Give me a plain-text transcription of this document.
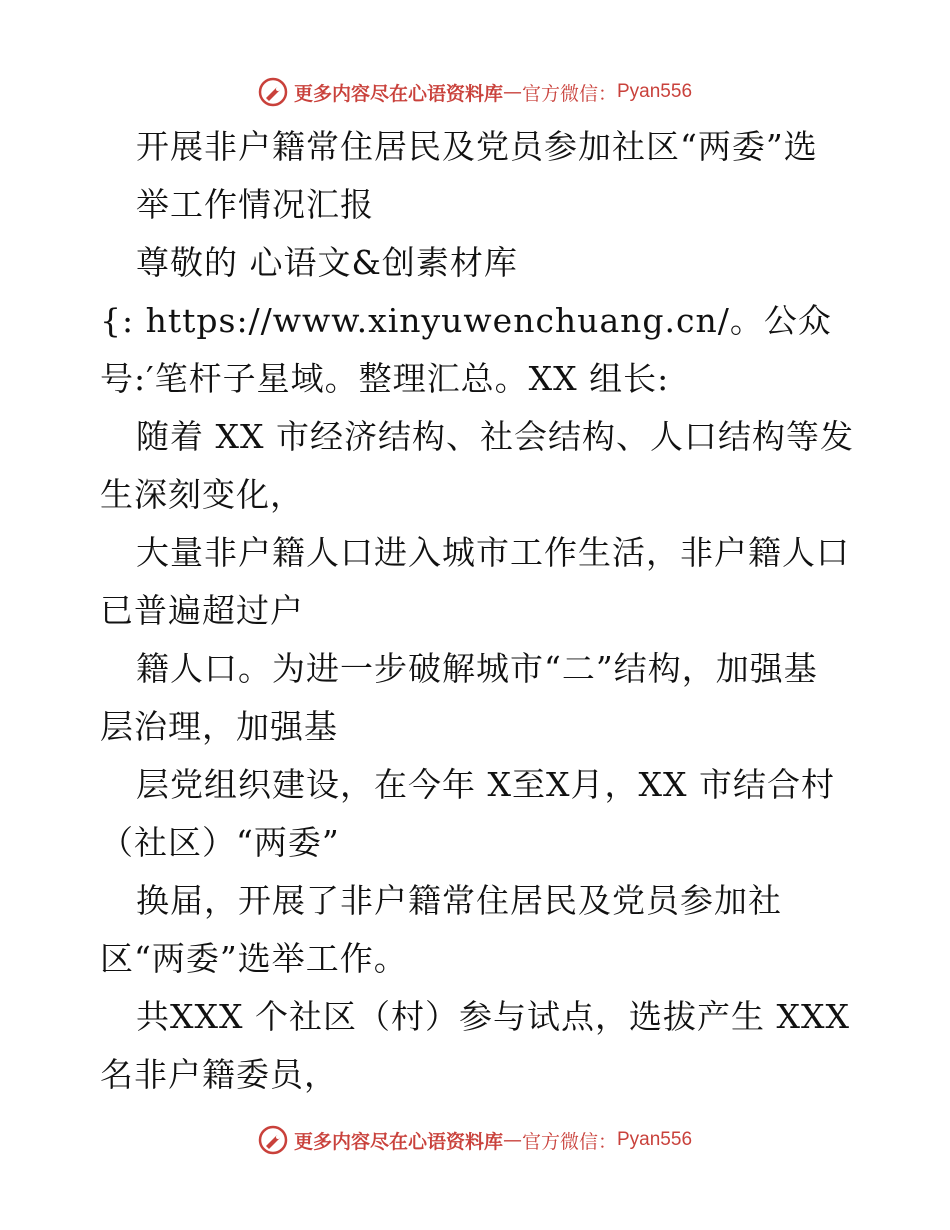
更多内容尽在心语资料库 — 官方微信： Pyan556
开展非户籍常住居民及党员参加社区“两委”选
举工作情况汇报
尊敬的 心语文&创素材库
{: https://www.xinyuwenchuang.cn/。公众
号:′笔杆子星域。整理汇总。XX 组长:
随着 XX 市经济结构、社会结构、人口结构等发
生深刻变化，
大量非户籍人口进入城市工作生活，非户籍人口
已普遍超过户
籍人口。为进一步破解城市“二”结构，加强基
层治理，加强基
层党组织建设，在今年 X至X月，XX 市结合村
（社区）“两委”
换届，开展了非户籍常住居民及党员参加社
区“两委”选举工作。
共XXX 个社区（村）参与试点，选拔产生 XXX
名非户籍委员，
更多内容尽在心语资料库 — 官方微信： Pyan556
